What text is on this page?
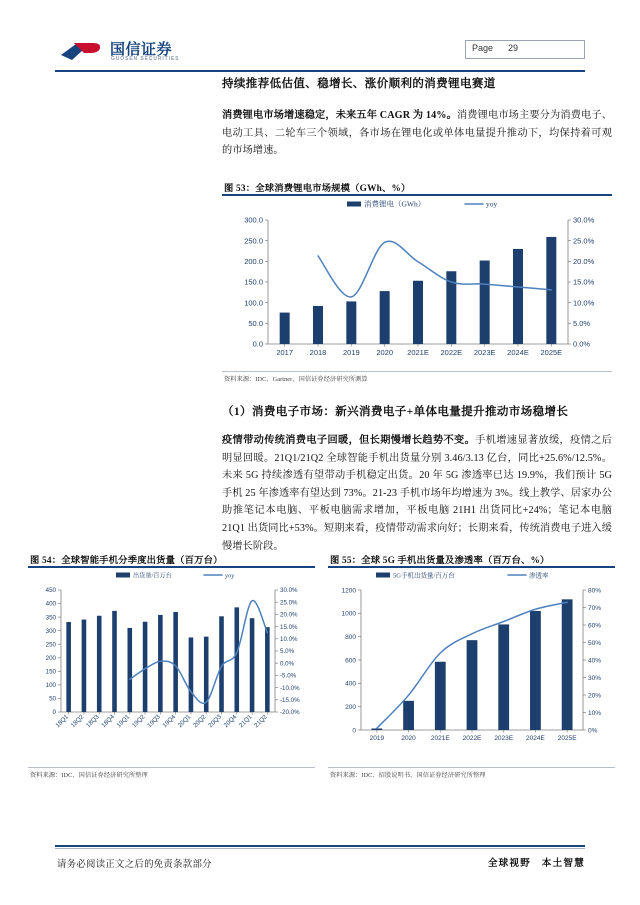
国信证券
GUOSEN SECURITIES
Page 29
持续推荐低估值、稳增长、涨价顺利的消费锂电赛道

消费锂电市场增速稳定，未来五年 CAGR 为 14%。消费锂电市场主要分为消费电子、电动工具、二轮车三个领域，各市场在锂电化或单体电量提升推动下，均保持着可观的市场增速。

图 53：全球消费锂电市场规模（GWh、%）
0.0
50.0
100.0
150.0
200.0
250.0
300.0
0.0%
5.0%
10.0%
15.0%
20.0%
25.0%
30.0%
2017 2018 2019 2020 2021E 2022E 2023E 2024E 2025E
消费锂电（GWh）	yoy
资料来源：IDC、Gartner、国信证券经济研究所测算
（1）消费电子市场：新兴消费电子+单体电量提升推动市场稳增长

疫情带动传统消费电子回暖，但长期慢增长趋势不变。手机增速显著放缓，疫情之后明显回暖。21Q1/21Q2 全球智能手机出货量分别 3.46/3.13 亿台，同比+25.6%/12.5%。未来 5G 持续渗透有望带动手机稳定出货。20 年 5G 渗透率已达 19.9%，我们预计 5G 手机 25 年渗透率有望达到 73%。21-23 手机市场年均增速为 3%。线上教学、居家办公助推笔记本电脑、平板电脑需求增加，平板电脑 21H1 出货同比+24%；笔记本电脑 21Q1 出货同比+53%。短期来看，疫情带动需求向好；长期来看，传统消费电子进入缓慢增长阶段。

图 54：全球智能手机分季度出货量（百万台）
0
50
100
150
200
250
300
350
400
450
-20.0%
-15.0%
-10.0%
-5.0%
0.0%
5.0%
10.0%
15.0%
20.0%
25.0%
30.0%
18Q1 18Q2 18Q3 18Q4 19Q1 19Q2 19Q3 19Q4 20Q1 20Q2 20Q3 20Q4 21Q1 21Q2
出货量/百万台	yoy
资料来源：IDC、国信证券经济研究所整理
图 55：全球 5G 手机出货量及渗透率（百万台、%）
0
200
400
600
800
1000
1200
0%
10%
20%
30%
40%
50%
60%
70%
80%
2019	2020 2021E 2022E 2023E 2024E 2025E
5G手机出货量/百万台	渗透率
资料来源：IDC、招股说明书、国信证券经济研究所整理
请务必阅读正文之后的免责条款部分	全球视野　本土智慧
